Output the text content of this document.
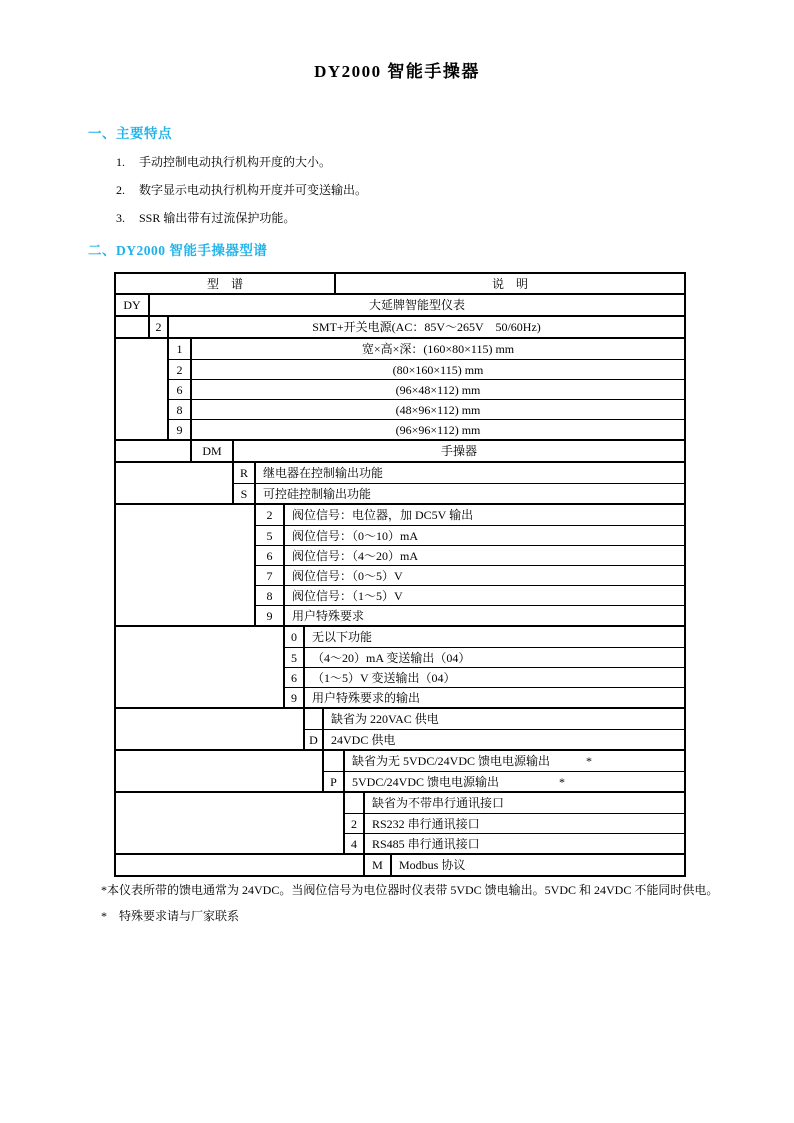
DY2000 智能手操器
一、主要特点
1. 手动控制电动执行机构开度的大小。
2. 数字显示电动执行机构开度并可变送输出。
3. SSR 输出带有过流保护功能。
二、DY2000 智能手操器型谱
型　谱	说　明
DY	大延牌智能型仪表
2	SMT+开关电源(AC：85V～265V　50/60Hz)
1	宽×高×深：(160×80×115) mm
2	(80×160×115) mm
6	(96×48×112) mm
8	(48×96×112) mm
9	(96×96×112) mm
DM	手操器
R	继电器在控制输出功能
S	可控硅控制输出功能
2	阀位信号：电位器，加 DC5V 输出
5	阀位信号：（0～10）mA
6	阀位信号：（4～20）mA
7	阀位信号：（0～5）V
8	阀位信号：（1～5）V
9	用户特殊要求
0	无以下功能
5	（4～20）mA 变送输出（04）
6	（1～5）V 变送输出（04）
9	用户特殊要求的输出
缺省为 220VAC 供电
D	24VDC 供电
缺省为无 5VDC/24VDC 馈电电源输出　　　*
P	5VDC/24VDC 馈电电源输出　　　　　*
缺省为不带串行通讯接口
2	RS232 串行通讯接口
4	RS485 串行通讯接口
M	Modbus 协议
*本仪表所带的馈电通常为 24VDC。当阀位信号为电位器时仪表带 5VDC 馈电输出。5VDC 和 24VDC 不能同时供电。
*　特殊要求请与厂家联系
